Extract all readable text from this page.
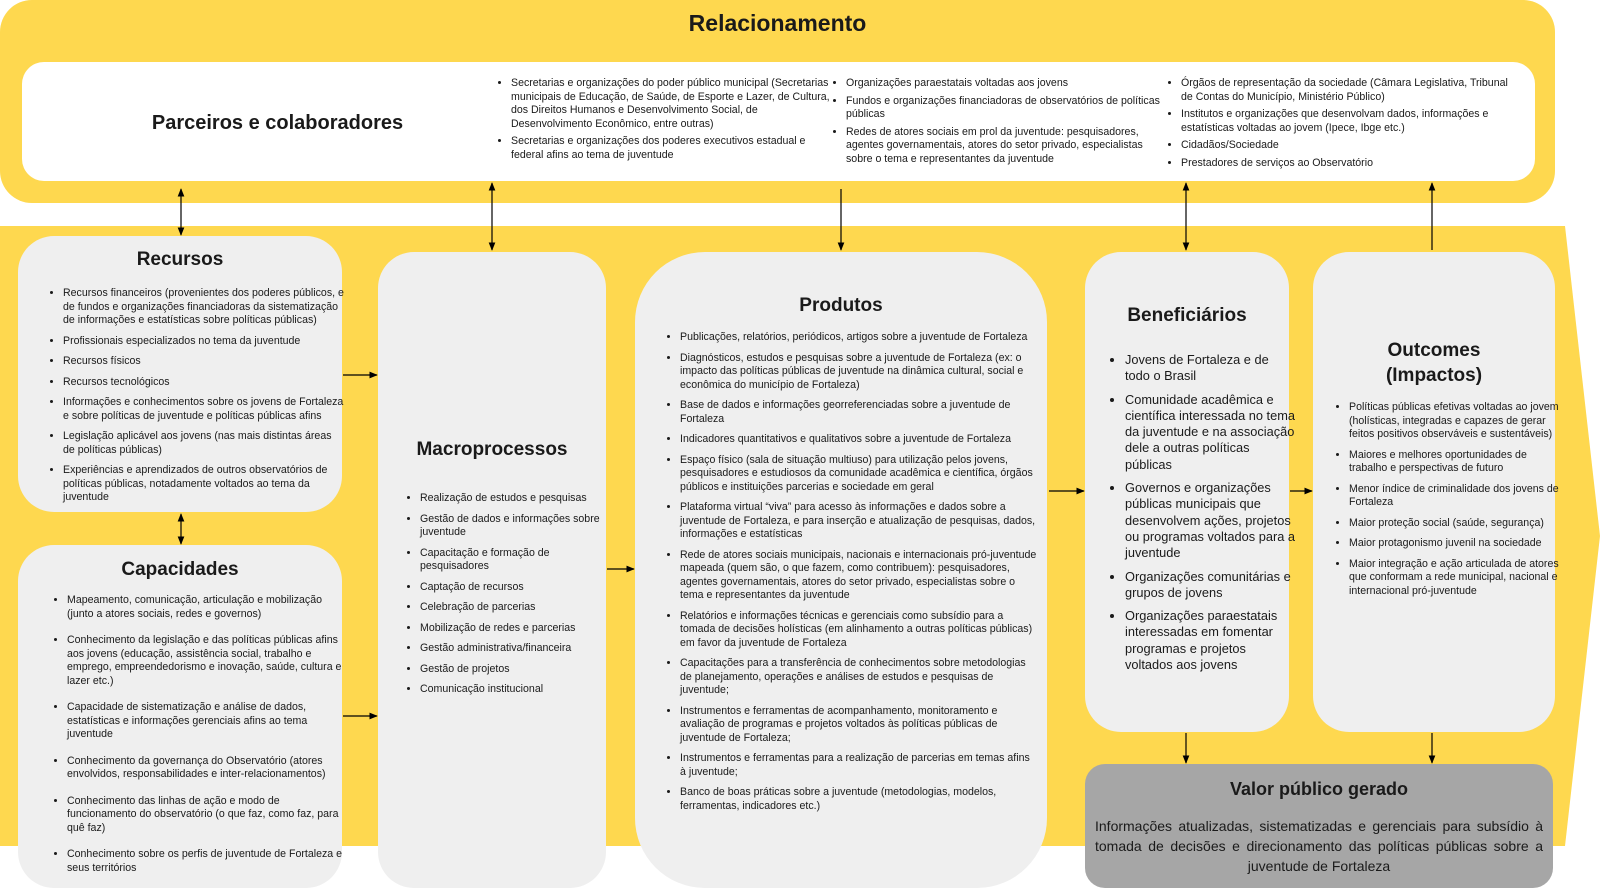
Relacionamento
Parceiros e colaboradores
• Secretarias e organizações do poder público municipal (Secretarias municipais de Educação, de Saúde, de Esporte e Lazer, de Cultura, dos Direitos Humanos e Desenvolvimento Social, de Desenvolvimento Econômico, entre outras)
• Secretarias e organizações dos poderes executivos estadual e federal afins ao tema de juventude
• Organizações paraestatais voltadas aos jovens
• Fundos e organizações financiadoras de observatórios de políticas públicas
• Redes de atores sociais em prol da juventude: pesquisadores, agentes governamentais, atores do setor privado, especialistas sobre o tema e representantes da juventude
• Órgãos de representação da sociedade (Câmara Legislativa, Tribunal de Contas do Município, Ministério Público)
• Institutos e organizações que desenvolvam dados, informações e estatísticas voltadas ao jovem (Ipece, Ibge etc.)
• Cidadãos/Sociedade
• Prestadores de serviços ao Observatório
Recursos
• Recursos financeiros (provenientes dos poderes públicos, e de fundos e organizações financiadoras da sistematização de informações e estatísticas sobre políticas públicas)
• Profissionais especializados no tema da juventude
• Recursos físicos
• Recursos tecnológicos
• Informações e conhecimentos sobre os jovens de Fortaleza e sobre políticas de juventude e políticas públicas afins
• Legislação aplicável aos jovens (nas mais distintas áreas de políticas públicas)
• Experiências e aprendizados de outros observatórios de políticas públicas, notadamente voltados ao tema da juventude
Capacidades
• Mapeamento, comunicação, articulação e mobilização (junto a atores sociais, redes e governos)
• Conhecimento da legislação e das políticas públicas afins aos jovens (educação, assistência social, trabalho e emprego, empreendedorismo e inovação, saúde, cultura e lazer etc.)
• Capacidade de sistematização e análise de dados, estatísticas e informações gerenciais afins ao tema juventude
• Conhecimento da governança do Observatório (atores envolvidos, responsabilidades e inter-relacionamentos)
• Conhecimento das linhas de ação e modo de funcionamento do observatório (o que faz, como faz, para quê faz)
• Conhecimento sobre os perfis de juventude de Fortaleza e seus territórios
Macroprocessos
• Realização de estudos e pesquisas
• Gestão de dados e informações sobre juventude
• Capacitação e formação de pesquisadores
• Captação de recursos
• Celebração de parcerias
• Mobilização de redes e parcerias
• Gestão administrativa/financeira
• Gestão de projetos
• Comunicação institucional
Produtos
• Publicações, relatórios, periódicos, artigos sobre a juventude de Fortaleza
• Diagnósticos, estudos e pesquisas sobre a juventude de Fortaleza (ex: o impacto das políticas públicas de juventude na dinâmica cultural, social e econômica do município de Fortaleza)
• Base de dados e informações georreferenciadas sobre a juventude de Fortaleza
• Indicadores quantitativos e qualitativos sobre a juventude de Fortaleza
• Espaço físico (sala de situação multiuso) para utilização pelos jovens, pesquisadores e estudiosos da comunidade acadêmica e científica, órgãos públicos e instituições parcerias e sociedade em geral
• Plataforma virtual “viva” para acesso às informações e dados sobre a juventude de Fortaleza, e para inserção e atualização de pesquisas, dados, informações e estatísticas
• Rede de atores sociais municipais, nacionais e internacionais pró-juventude mapeada (quem são, o que fazem, como contribuem): pesquisadores, agentes governamentais, atores do setor privado, especialistas sobre o tema e representantes da juventude
• Relatórios e informações técnicas e gerenciais como subsídio para a tomada de decisões holísticas (em alinhamento a outras políticas públicas) em favor da juventude de Fortaleza
• Capacitações para a transferência de conhecimentos sobre metodologias de planejamento, operações e análises de estudos e pesquisas de juventude;
• Instrumentos e ferramentas de acompanhamento, monitoramento e avaliação de programas e projetos voltados às políticas públicas de juventude de Fortaleza;
• Instrumentos e ferramentas para a realização de parcerias em temas afins à juventude;
• Banco de boas práticas sobre a juventude (metodologias, modelos, ferramentas, indicadores etc.)
Beneficiários
• Jovens de Fortaleza e de todo o Brasil
• Comunidade acadêmica e científica interessada no tema da juventude e na associação dele a outras políticas públicas
• Governos e organizações públicas municipais que desenvolvem ações, projetos ou programas voltados para a juventude
• Organizações comunitárias e grupos de jovens
• Organizações paraestatais interessadas em fomentar programas e projetos voltados aos jovens
Outcomes
(Impactos)
• Políticas públicas efetivas voltadas ao jovem (holísticas, integradas e capazes de gerar feitos positivos observáveis e sustentáveis)
• Maiores e melhores oportunidades de trabalho e perspectivas de futuro
• Menor índice de criminalidade dos jovens de Fortaleza
• Maior proteção social (saúde, segurança)
• Maior protagonismo juvenil na sociedade
• Maior integração e ação articulada de atores que conformam a rede municipal, nacional e internacional pró-juventude
Valor público gerado
Informações atualizadas, sistematizadas e gerenciais para subsídio à tomada de decisões e direcionamento das políticas públicas sobre a juventude de Fortaleza
